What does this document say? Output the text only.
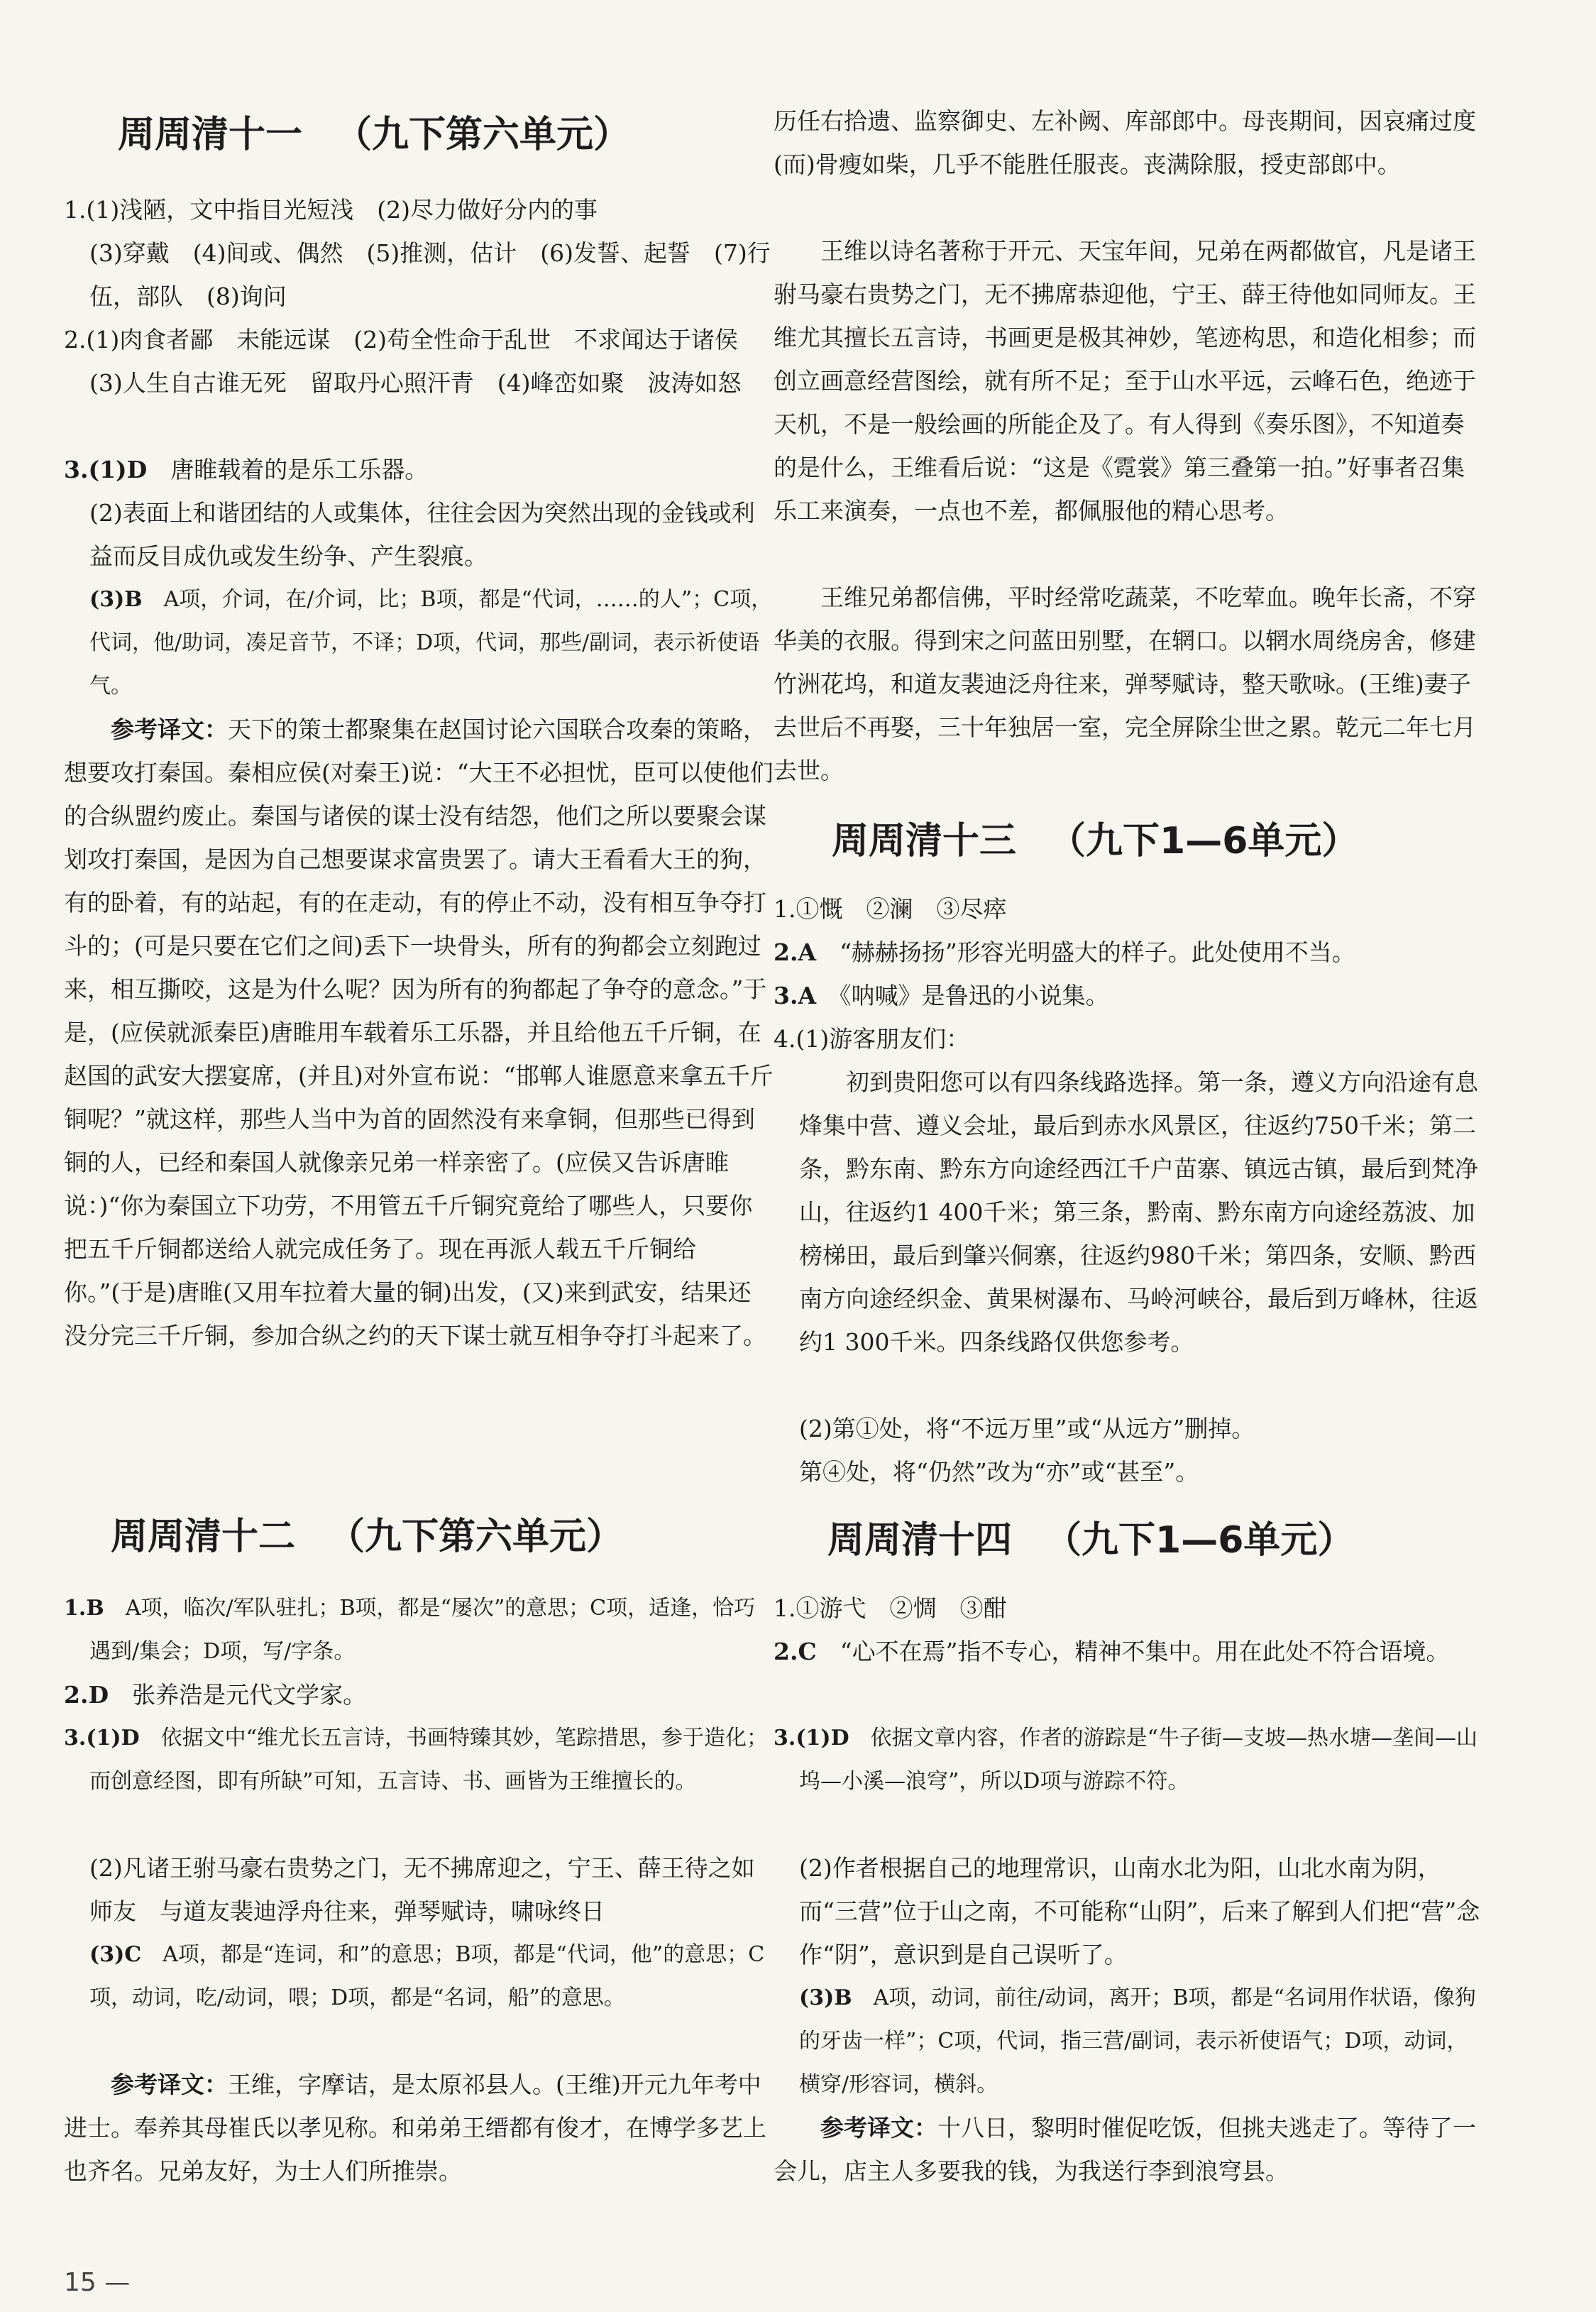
周周清十一 （九下第六单元）

1.(1)浅陋，文中指目光短浅　(2)尽力做好分内的事

(3)穿戴　(4)间或、偶然　(5)推测，估计　(6)发誓、起誓　(7)行伍，部队　(8)询问

2.(1)肉食者鄙　未能远谋　(2)苟全性命于乱世　不求闻达于诸侯　(3)人生自古谁无死　留取丹心照汗青　(4)峰峦如聚　波涛如怒

3.(1)D　 唐睢载着的是乐工乐器。

(2)表面上和谐团结的人或集体，往往会因为突然出现的金钱或利益而反目成仇或发生纷争、产生裂痕。

(3)B　 A项，介词，在/介词，比；B项，都是“代词，……的人”；C项，代词，他/助词，凑足音节，不译；D项，代词，那些/副词，表示祈使语气。

参考译文：天下的策士都聚集在赵国讨论六国联合攻秦的策略，想要攻打秦国。秦相应侯(对秦王)说：“大王不必担忧，臣可以使他们的合纵盟约废止。秦国与诸侯的谋士没有结怨，他们之所以要聚会谋划攻打秦国，是因为自己想要谋求富贵罢了。请大王看看大王的狗，有的卧着，有的站起，有的在走动，有的停止不动，没有相互争夺打斗的；(可是只要在它们之间)丢下一块骨头，所有的狗都会立刻跑过来，相互撕咬，这是为什么呢？因为所有的狗都起了争夺的意念。”于是，(应侯就派秦臣)唐睢用车载着乐工乐器，并且给他五千斤铜，在赵国的武安大摆宴席，(并且)对外宣布说：“邯郸人谁愿意来拿五千斤铜呢？”就这样，那些人当中为首的固然没有来拿铜，但那些已得到铜的人，已经和秦国人就像亲兄弟一样亲密了。(应侯又告诉唐睢说：)“你为秦国立下功劳，不用管五千斤铜究竟给了哪些人，只要你把五千斤铜都送给人就完成任务了。现在再派人载五千斤铜给你。”(于是)唐睢(又用车拉着大量的铜)出发，(又)来到武安，结果还没分完三千斤铜，参加合纵之约的天下谋士就互相争夺打斗起来了。

周周清十二 （九下第六单元）

1.B　 A项，临次/军队驻扎；B项，都是“屡次”的意思；C项，适逢，恰巧遇到/集会；D项，写/字条。

2.D　 张养浩是元代文学家。

3.(1)D　 依据文中“维尤长五言诗，书画特臻其妙，笔踪措思，参于造化；而创意经图，即有所缺”可知，五言诗、书、画皆为王维擅长的。

(2)凡诸王驸马豪右贵势之门，无不拂席迎之，宁王、薛王待之如师友　与道友裴迪浮舟往来，弹琴赋诗，啸咏终日

(3)C　 A项，都是“连词，和”的意思；B项，都是“代词，他”的意思；C项，动词，吃/动词，喂；D项，都是“名词，船”的意思。

参考译文：王维，字摩诘，是太原祁县人。(王维)开元九年考中进士。奉养其母崔氏以孝见称。和弟弟王缙都有俊才，在博学多艺上也齐名。兄弟友好，为士人们所推崇。

15 —

历任右拾遗、监察御史、左补阙、库部郎中。母丧期间，因哀痛过度(而)骨瘦如柴，几乎不能胜任服丧。丧满除服，授吏部郎中。

王维以诗名著称于开元、天宝年间，兄弟在两都做官，凡是诸王驸马豪右贵势之门，无不拂席恭迎他，宁王、薛王待他如同师友。王维尤其擅长五言诗，书画更是极其神妙，笔迹构思，和造化相参；而创立画意经营图绘，就有所不足；至于山水平远，云峰石色，绝迹于天机，不是一般绘画的所能企及了。有人得到《奏乐图》，不知道奏的是什么，王维看后说：“这是《霓裳》第三叠第一拍。”好事者召集乐工来演奏，一点也不差，都佩服他的精心思考。

王维兄弟都信佛，平时经常吃蔬菜，不吃荤血。晚年长斋，不穿华美的衣服。得到宋之问蓝田别墅，在辋口。以辋水周绕房舍，修建竹洲花坞，和道友裴迪泛舟往来，弹琴赋诗，整天歌咏。(王维)妻子去世后不再娶，三十年独居一室，完全屏除尘世之累。乾元二年七月去世。

周周清十三 （九下1—6单元）

1.①慨　②澜　③尽瘁

2.A　 “赫赫扬扬”形容光明盛大的样子。此处使用不当。

3.A　 《呐喊》是鲁迅的小说集。

4.(1)游客朋友们：

初到贵阳您可以有四条线路选择。第一条，遵义方向沿途有息烽集中营、遵义会址，最后到赤水风景区，往返约750千米；第二条，黔东南、黔东方向途经西江千户苗寨、镇远古镇，最后到梵净山，往返约1 400千米；第三条，黔南、黔东南方向途经荔波、加榜梯田，最后到肇兴侗寨，往返约980千米；第四条，安顺、黔西南方向途经织金、黄果树瀑布、马岭河峡谷，最后到万峰林，往返约1 300千米。四条线路仅供您参考。

(2)第①处，将“不远万里”或“从远方”删掉。

第④处，将“仍然”改为“亦”或“甚至”。

周周清十四 （九下1—6单元）

1.①游弋　②惆　③酣

2.C　 “心不在焉”指不专心，精神不集中。用在此处不符合语境。

3.(1)D　 依据文章内容，作者的游踪是“牛子街—支坡—热水塘—垄间—山坞—小溪—浪穹”，所以D项与游踪不符。

(2)作者根据自己的地理常识，山南水北为阳，山北水南为阴，而“三营”位于山之南，不可能称“山阴”，后来了解到人们把“营”念作“阴”，意识到是自己误听了。

(3)B　 A项，动词，前往/动词，离开；B项，都是“名词用作状语，像狗的牙齿一样”；C项，代词，指三营/副词，表示祈使语气；D项，动词，横穿/形容词，横斜。

参考译文：十八日，黎明时催促吃饭，但挑夫逃走了。等待了一会儿，店主人多要我的钱，为我送行李到浪穹县。
